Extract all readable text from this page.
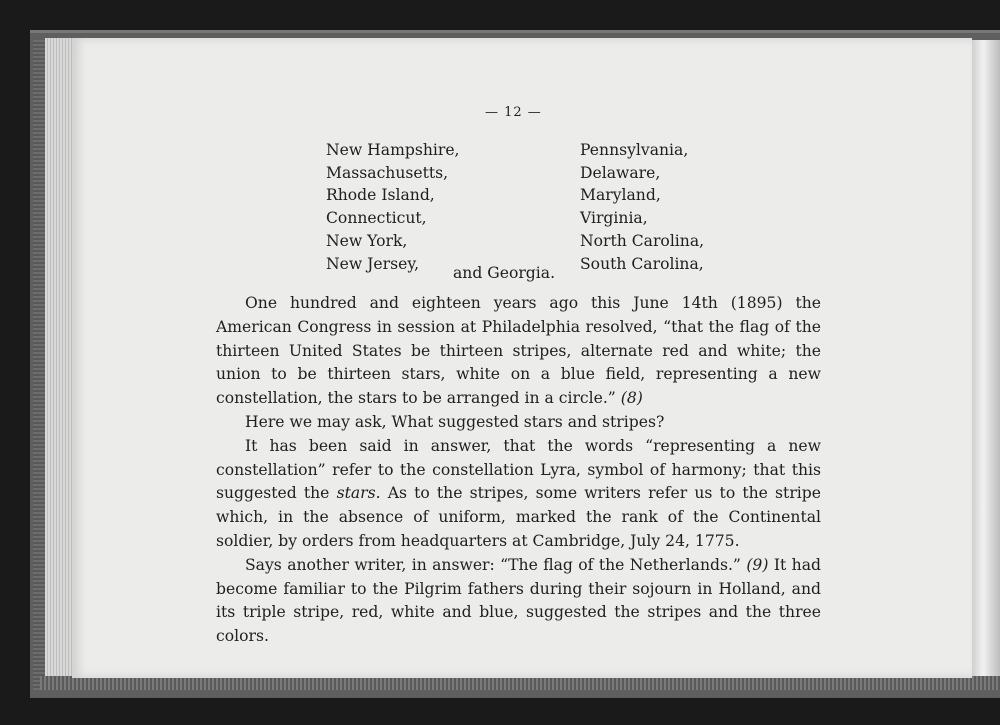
— 12 —
New Hampshire,
Massachusetts,
Rhode Island,
Connecticut,
New York,
New Jersey,
Pennsylvania,
Delaware,
Maryland,
Virginia,
North Carolina,
South Carolina,
and Georgia.

One hundred and eighteen years ago this June 14th (1895) the American Congress in session at Philadelphia resolved, “that the flag of the thirteen United States be thirteen stripes, alternate red and white; the union to be thirteen stars, white on a blue field, representing a new constellation, the stars to be arranged in a circle.” (8)

Here we may ask, What suggested stars and stripes?

It has been said in answer, that the words “representing a new constellation” refer to the constellation Lyra, symbol of harmony; that this suggested the stars. As to the stripes, some writers refer us to the stripe which, in the absence of uniform, marked the rank of the Continental soldier, by orders from headquarters at Cambridge, July 24, 1775.

Says another writer, in answer: “The flag of the Netherlands.” (9) It had become familiar to the Pilgrim fathers during their sojourn in Holland, and its triple stripe, red, white and blue, suggested the stripes and the three colors.
